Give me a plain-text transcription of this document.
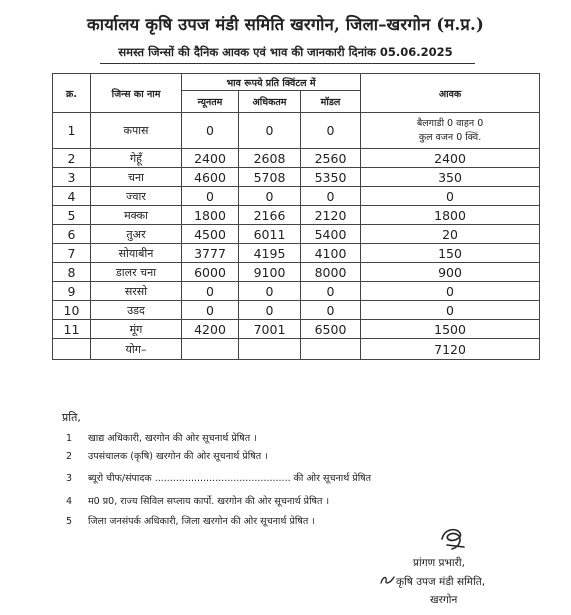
कार्यालय कृषि उपज मंडी समिति खरगोन, जिला–खरगोन (म.प्र.)
समस्त जिन्सों की दैनिक आवक एवं भाव की जानकारी दिनांक 05.06.2025
क्र.	जिन्स का नाम	भाव रूपये प्रति क्विंटल में			आवक
		न्यूनतम	अधिकतम	मॉडल	
1	कपास	0	0	0	बैलगाडी 0 वाहन 0
कुल वजन 0 क्विं.

2	गेहूँ	2400	2608	2560	2400
3	चना	4600	5708	5350	350
4	ज्वार	0	0	0	0
5	मक्का	1800	2166	2120	1800
6	तुअर	4500	6011	5400	20
7	सोयाबीन	3777	4195	4100	150
8	डालर चना	6000	9100	8000	900
9	सरसो	0	0	0	0
10	उडद	0	0	0	0
11	मूंग	4200	7001	6500	1500
	योग–				7120
प्रति,
1 खाद्य अधिकारी, खरगोन की ओर सूचनार्थ प्रेषित ।
2 उपसंचालक (कृषि) खरगोन की ओर सूचनार्थ प्रेषित ।
3 ब्यूरो चीफ/संपादक ............................................. की ओर सूचनार्थ प्रेषित
4 म0 प्र0, राज्य सिविल सप्लाय कार्पो. खरगोन की ओर सूचनार्थ प्रेषित ।
5 जिला जनसंपर्क अधिकारी, जिला खरगोन की ओर सूचनार्थ प्रेषित ।
प्रांगण प्रभारी,
कृषि उपज मंडी समिति,
खरगोन
